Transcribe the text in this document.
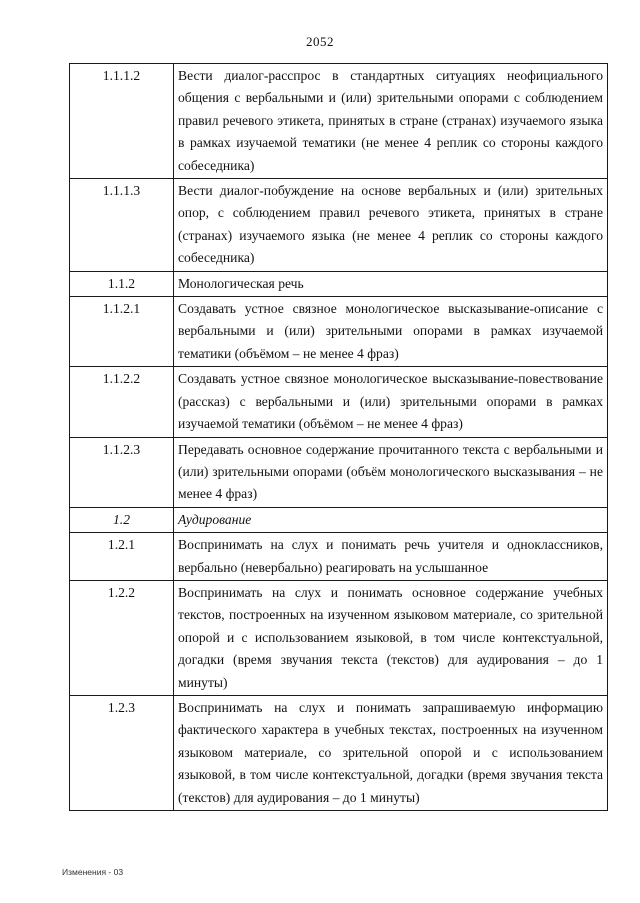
2052
1.1.1.2	Вести диалог-расспрос в стандартных ситуациях неофициального общения с вербальными и (или) зрительными опорами с соблюдением правил речевого этикета, принятых в стране (странах) изучаемого языка в рамках изучаемой тематики (не менее 4 реплик со стороны каждого собеседника)
1.1.1.3	Вести диалог-побуждение на основе вербальных и (или) зрительных опор, с соблюдением правил речевого этикета, принятых в стране (странах) изучаемого языка (не менее 4 реплик со стороны каждого собеседника)
1.1.2	Монологическая речь
1.1.2.1	Создавать устное связное монологическое высказывание-описание с вербальными и (или) зрительными опорами в рамках изучаемой тематики (объёмом – не менее 4 фраз)
1.1.2.2	Создавать устное связное монологическое высказывание-повествование (рассказ) с вербальными и (или) зрительными опорами в рамках изучаемой тематики (объёмом – не менее 4 фраз)
1.1.2.3	Передавать основное содержание прочитанного текста с вербальными и (или) зрительными опорами (объём монологического высказывания – не менее 4 фраз)
1.2	Аудирование
1.2.1	Воспринимать на слух и понимать речь учителя и одноклассников, вербально (невербально) реагировать на услышанное
1.2.2	Воспринимать на слух и понимать основное содержание учебных текстов, построенных на изученном языковом материале, со зрительной опорой и с использованием языковой, в том числе контекстуальной, догадки (время звучания текста (текстов) для аудирования – до 1 минуты)
1.2.3	Воспринимать на слух и понимать запрашиваемую информацию фактического характера в учебных текстах, построенных на изученном языковом материале, со зрительной опорой и с использованием языковой, в том числе контекстуальной, догадки (время звучания текста (текстов) для аудирования – до 1 минуты)
Изменения - 03
